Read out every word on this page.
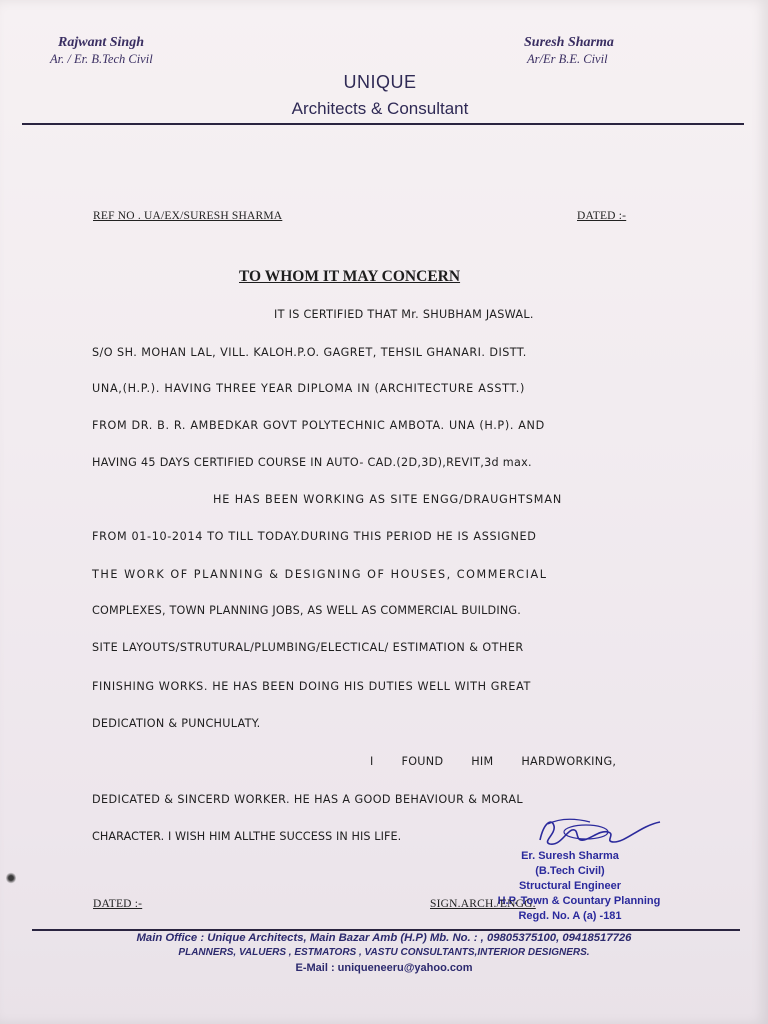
Rajwant Singh
Ar. / Er. B.Tech Civil
Suresh Sharma
Ar/Er B.E. Civil
UNIQUE
Architects & Consultant
REF NO . UA/EX/SURESH SHARMA	DATED :-
TO WHOM IT MAY CONCERN
IT IS CERTIFIED THAT Mr. SHUBHAM JASWAL.
S/O SH. MOHAN LAL, VILL. KALOH.P.O. GAGRET, TEHSIL GHANARI. DISTT.
UNA,(H.P.). HAVING THREE YEAR DIPLOMA IN (ARCHITECTURE ASSTT.)
FROM DR. B. R. AMBEDKAR GOVT POLYTECHNIC AMBOTA. UNA (H.P). AND
HAVING 45 DAYS CERTIFIED COURSE IN AUTO- CAD.(2D,3D),REVIT,3d max.
HE HAS BEEN WORKING AS SITE ENGG/DRAUGHTSMAN
FROM 01-10-2014 TO TILL TODAY.DURING THIS PERIOD HE IS ASSIGNED
THE WORK OF PLANNING & DESIGNING OF HOUSES, COMMERCIAL
COMPLEXES, TOWN PLANNING JOBS, AS WELL AS COMMERCIAL BUILDING.
SITE LAYOUTS/STRUTURAL/PLUMBING/ELECTICAL/ ESTIMATION & OTHER
FINISHING WORKS. HE HAS BEEN DOING HIS DUTIES WELL WITH GREAT
DEDICATION & PUNCHULATY.
I FOUND HIM HARDWORKING,
DEDICATED & SINCERD WORKER. HE HAS A GOOD BEHAVIOUR & MORAL
CHARACTER. I WISH HIM ALLTHE SUCCESS IN HIS LIFE.
Er. Suresh Sharma
(B.Tech Civil)
Structural Engineer
H.P. Town & Countary Planning
Regd. No. A (a) -181
DATED :-	SIGN.ARCH./ENGG.
Main Office : Unique Architects, Main Bazar Amb (H.P) Mb. No. : , 09805375100, 09418517726
PLANNERS, VALUERS , ESTMATORS , VASTU CONSULTANTS,INTERIOR DESIGNERS.
E-Mail : uniqueneeru@yahoo.com
